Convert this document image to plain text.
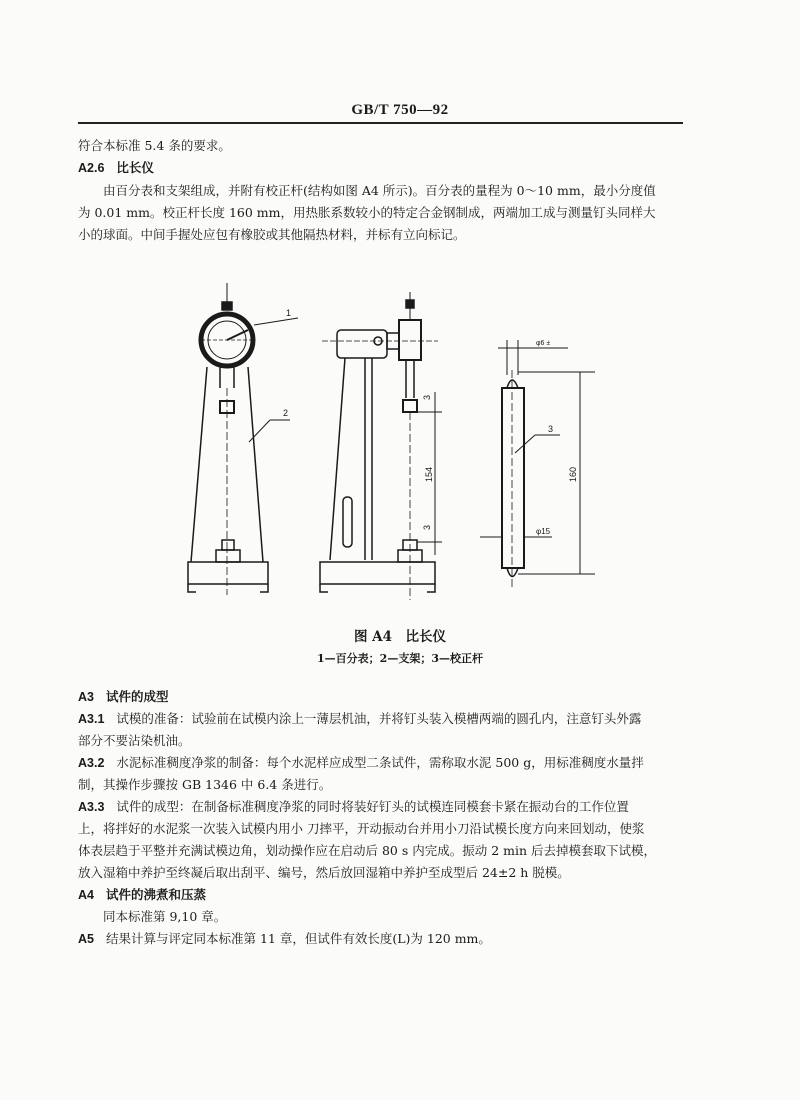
GB/T 750—92
符合本标准 5.4 条的要求。
A2.6 比长仪
由百分表和支架组成，并附有校正杆(结构如图 A4 所示)。百分表的量程为 0～10 mm，最小分度值
为 0.01 mm。校正杆长度 160 mm，用热胀系数较小的特定合金钢制成，两端加工成与测量钉头同样大
小的球面。中间手握处应包有橡胶或其他隔热材料，并标有立向标记。
1
2
3
3
154
3
160
φ6 ±
φ15
图 A4　比长仪
1—百分表；2—支架；3—校正杆
A3 试件的成型
A3.1 试模的准备：试验前在试模内涂上一薄层机油，并将钉头装入模槽两端的圆孔内，注意钉头外露
部分不要沾染机油。
A3.2 水泥标准稠度净浆的制备：每个水泥样应成型二条试件，需称取水泥 500 g，用标准稠度水量拌
制，其操作步骤按 GB 1346 中 6.4 条进行。
A3.3 试件的成型：在制备标准稠度净浆的同时将装好钉头的试模连同模套卡紧在振动台的工作位置
上，将拌好的水泥浆一次装入试模内用小 刀摔平，开动振动台并用小刀沿试模长度方向来回划动，使浆
体表层趋于平整并充满试模边角，划动操作应在启动后 80 s 内完成。振动 2 min 后去掉模套取下试模，
放入湿箱中养护至终凝后取出刮平、编号，然后放回湿箱中养护至成型后 24±2 h 脱模。
A4 试件的沸煮和压蒸
同本标准第 9,10 章。
A5 结果计算与评定同本标准第 11 章，但试件有效长度(L)为 120 mm。
